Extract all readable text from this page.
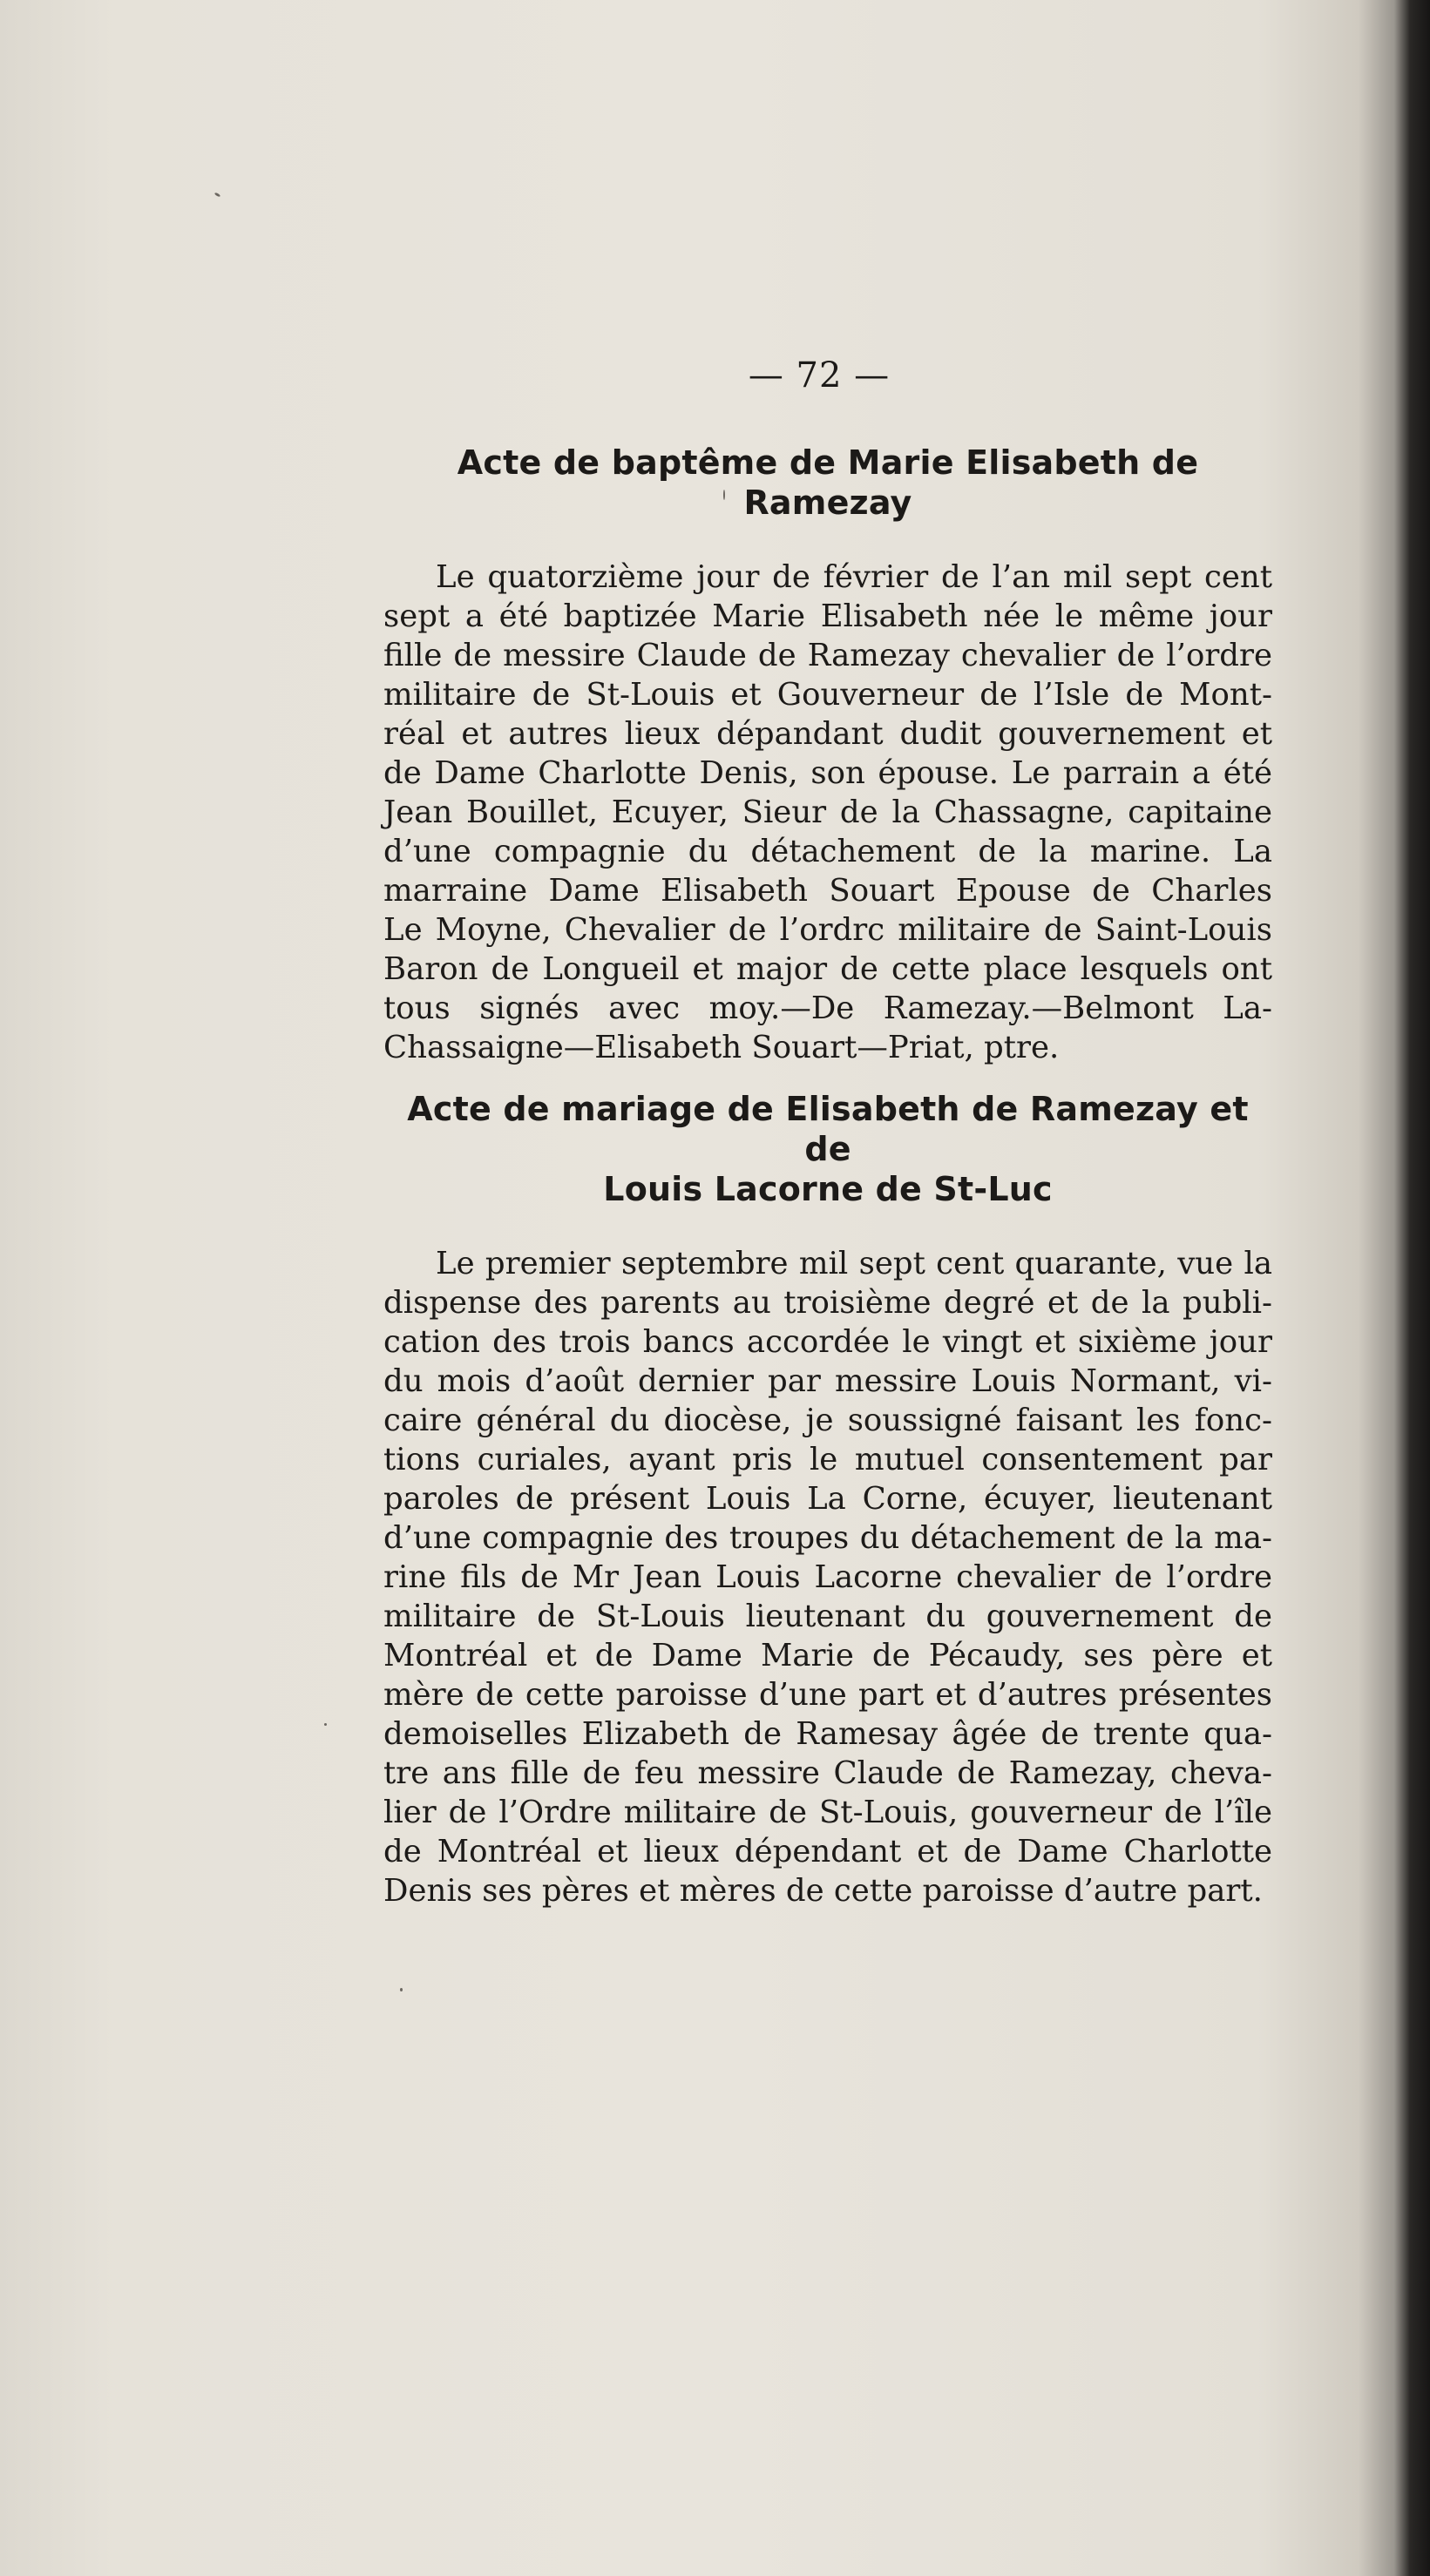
— 72 —
Acte de baptême de Marie Elisabeth de Ramezay

Le quatorzième jour de février de l’an mil sept cent
sept a été baptizée Marie Elisabeth née le même jour
fille de messire Claude de Ramezay chevalier de l’ordre
militaire de St-Louis et Gouverneur de l’Isle de Mont-
réal et autres lieux dépandant dudit gouvernement et
de Dame Charlotte Denis, son épouse. Le parrain a été
Jean Bouillet, Ecuyer, Sieur de la Chassagne, capitaine
d’une compagnie du détachement de la marine. La
marraine Dame Elisabeth Souart Epouse de Charles
Le Moyne, Chevalier de l’ordrc militaire de Saint-Louis
Baron de Longueil et major de cette place lesquels ont
tous signés avec moy.—De Ramezay.—Belmont La-
Chassaigne—Elisabeth Souart—Priat, ptre.

Acte de mariage de Elisabeth de Ramezay et de
Louis Lacorne de St-Luc

Le premier septembre mil sept cent quarante, vue la
dispense des parents au troisième degré et de la publi-
cation des trois bancs accordée le vingt et sixième jour
du mois d’août dernier par messire Louis Normant, vi-
caire général du diocèse, je soussigné faisant les fonc-
tions curiales, ayant pris le mutuel consentement par
paroles de présent Louis La Corne, écuyer, lieutenant
d’une compagnie des troupes du détachement de la ma-
rine fils de Mr Jean Louis Lacorne chevalier de l’ordre
militaire de St-Louis lieutenant du gouvernement de
Montréal et de Dame Marie de Pécaudy, ses père et
mère de cette paroisse d’une part et d’autres présentes
demoiselles Elizabeth de Ramesay âgée de trente qua-
tre ans fille de feu messire Claude de Ramezay, cheva-
lier de l’Ordre militaire de St-Louis, gouverneur de l’île
de Montréal et lieux dépendant et de Dame Charlotte
Denis ses pères et mères de cette paroisse d’autre part.
